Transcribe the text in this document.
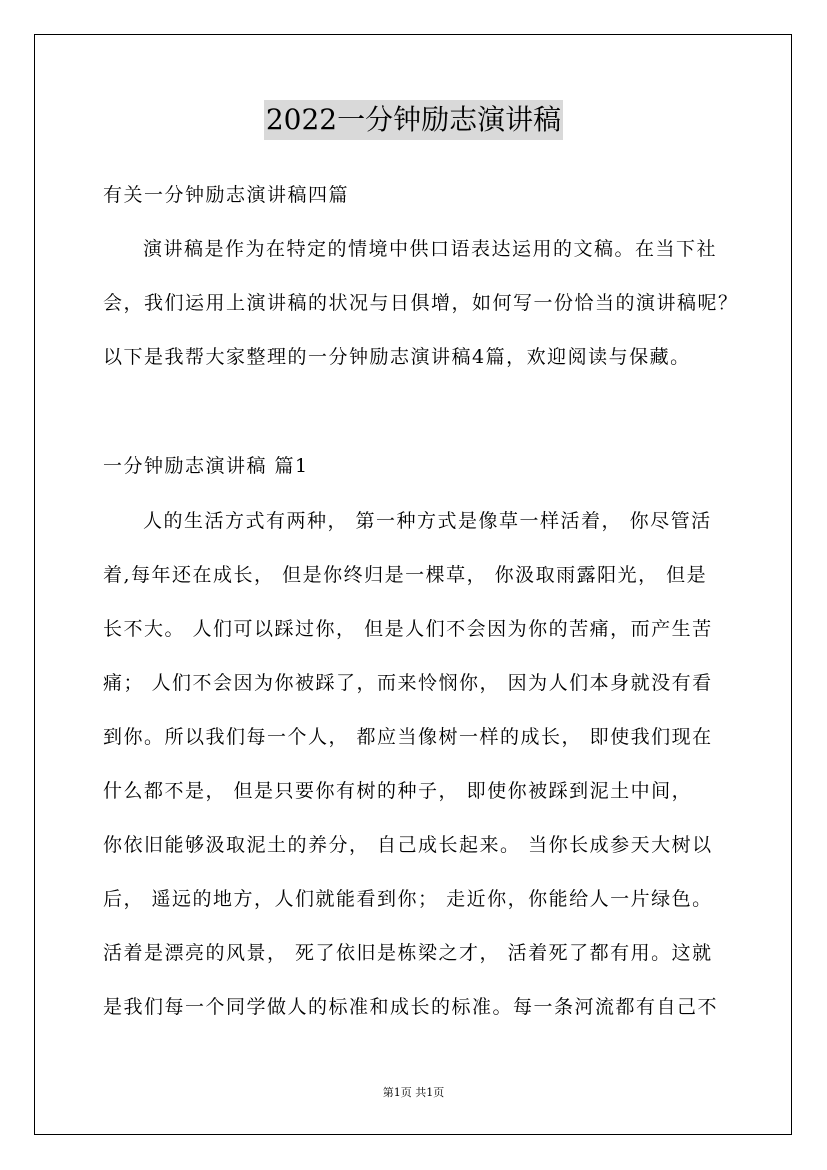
2022一分钟励志演讲稿
有关一分钟励志演讲稿四篇
演讲稿是作为在特定的情境中供口语表达运用的文稿。在当下社
会，我们运用上演讲稿的状况与日俱增，如何写一份恰当的演讲稿呢？
以下是我帮大家整理的一分钟励志演讲稿4篇，欢迎阅读与保藏。
一分钟励志演讲稿 篇1
人的生活方式有两种， 第一种方式是像草一样活着， 你尽管活
着,每年还在成长， 但是你终归是一棵草， 你汲取雨露阳光， 但是
长不大。 人们可以踩过你， 但是人们不会因为你的苦痛，而产生苦
痛； 人们不会因为你被踩了，而来怜悯你， 因为人们本身就没有看
到你。所以我们每一个人， 都应当像树一样的成长， 即使我们现在
什么都不是， 但是只要你有树的种子， 即使你被踩到泥土中间，
你依旧能够汲取泥土的养分， 自己成长起来。 当你长成参天大树以
后， 遥远的地方，人们就能看到你； 走近你，你能给人一片绿色。
活着是漂亮的风景， 死了依旧是栋梁之才， 活着死了都有用。这就
是我们每一个同学做人的标准和成长的标准。每一条河流都有自己不
第1页 共1页
